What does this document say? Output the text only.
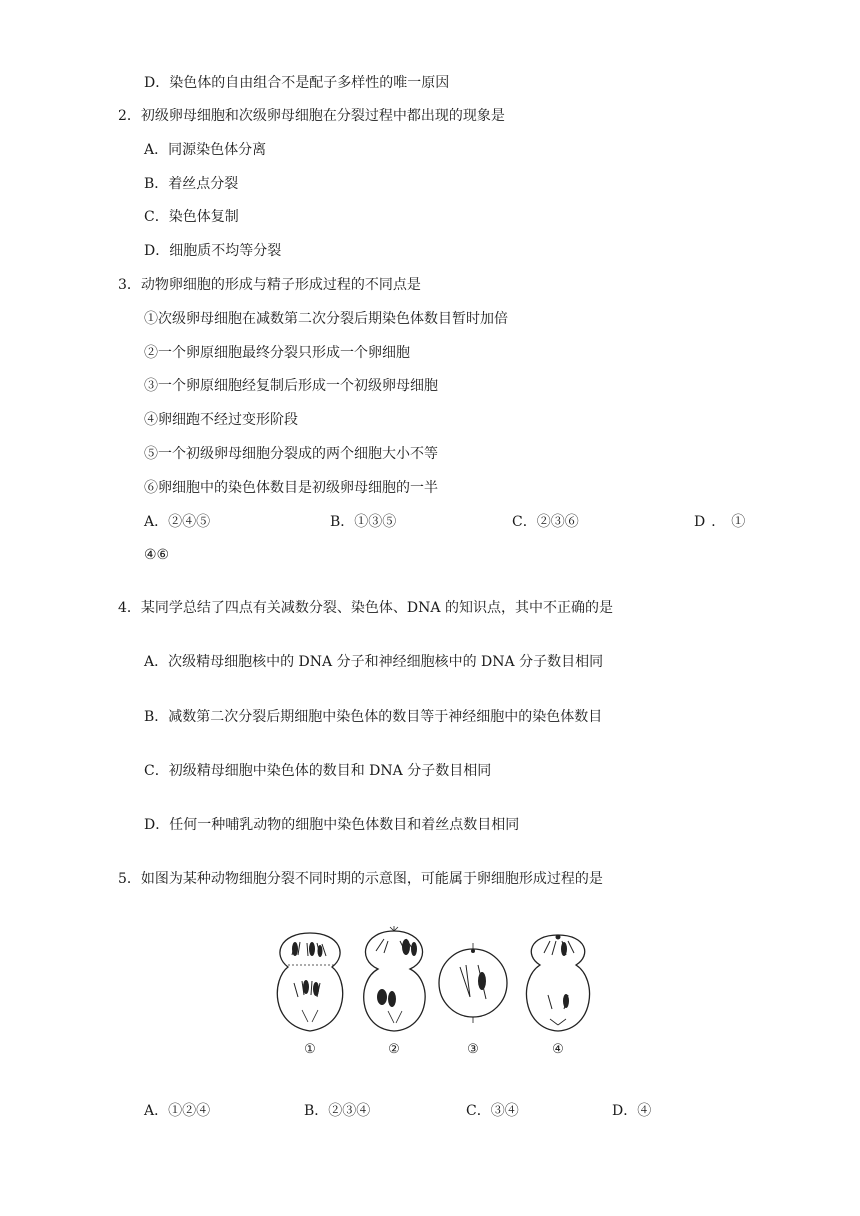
D．染色体的自由组合不是配子多样性的唯一原因
2．初级卵母细胞和次级卵母细胞在分裂过程中都出现的现象是
A．同源染色体分离
B．着丝点分裂
C．染色体复制
D．细胞质不均等分裂
3．动物卵细胞的形成与精子形成过程的不同点是
①次级卵母细胞在减数第二次分裂后期染色体数目暂时加倍
②一个卵原细胞最终分裂只形成一个卵细胞
③一个卵原细胞经复制后形成一个初级卵母细胞
④卵细跑不经过变形阶段
⑤一个初级卵母细胞分裂成的两个细胞大小不等
⑥卵细胞中的染色体数目是初级卵母细胞的一半
A．②④⑤	B．①③⑤	C．②③⑥	D．①
④⑥
4．某同学总结了四点有关减数分裂、染色体、DNA 的知识点，其中不正确的是
A．次级精母细胞核中的 DNA 分子和神经细胞核中的 DNA 分子数目相同
B．减数第二次分裂后期细胞中染色体的数目等于神经细胞中的染色体数目
C．初级精母细胞中染色体的数目和 DNA 分子数目相同
D．任何一种哺乳动物的细胞中染色体数目和着丝点数目相同
5．如图为某种动物细胞分裂不同时期的示意图，可能属于卵细胞形成过程的是
①	②	③	④
A．①②④	B．②③④	C．③④	D．④
